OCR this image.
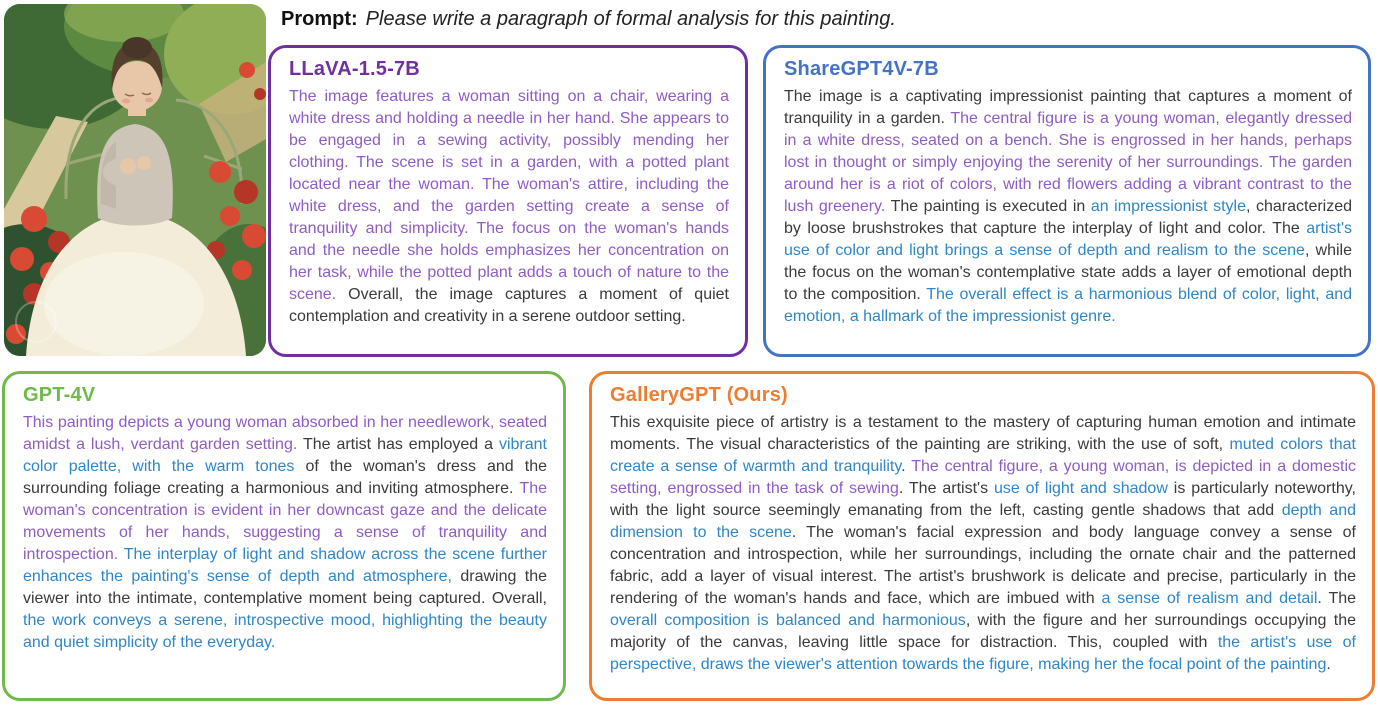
Prompt: Please write a paragraph of formal analysis for this painting.
LLaVA-1.5-7B

The image features a woman sitting on a chair, wearing a white dress and holding a needle in her hand. She appears to be engaged in a sewing activity, possibly mending her clothing. The scene is set in a garden, with a potted plant located near the woman. The woman's attire, including the white dress, and the garden setting create a sense of tranquility and simplicity. The focus on the woman's hands and the needle she holds emphasizes her concentration on her task, while the potted plant adds a touch of nature to the scene. Overall, the image captures a moment of quiet contemplation and creativity in a serene outdoor setting.

ShareGPT4V-7B

The image is a captivating impressionist painting that captures a moment of tranquility in a garden. The central figure is a young woman, elegantly dressed in a white dress, seated on a bench. She is engrossed in her hands, perhaps lost in thought or simply enjoying the serenity of her surroundings. The garden around her is a riot of colors, with red flowers adding a vibrant contrast to the lush greenery. The painting is executed in an impressionist style, characterized by loose brushstrokes that capture the interplay of light and color. The artist's use of color and light brings a sense of depth and realism to the scene, while the focus on the woman's contemplative state adds a layer of emotional depth to the composition. The overall effect is a harmonious blend of color, light, and emotion, a hallmark of the impressionist genre.

GPT-4V

This painting depicts a young woman absorbed in her needlework, seated amidst a lush, verdant garden setting. The artist has employed a vibrant color palette, with the warm tones of the woman's dress and the surrounding foliage creating a harmonious and inviting atmosphere. The woman's concentration is evident in her downcast gaze and the delicate movements of her hands, suggesting a sense of tranquility and introspection. The interplay of light and shadow across the scene further enhances the painting's sense of depth and atmosphere, drawing the viewer into the intimate, contemplative moment being captured. Overall, the work conveys a serene, introspective mood, highlighting the beauty and quiet simplicity of the everyday.

GalleryGPT (Ours)

This exquisite piece of artistry is a testament to the mastery of capturing human emotion and intimate moments. The visual characteristics of the painting are striking, with the use of soft, muted colors that create a sense of warmth and tranquility. The central figure, a young woman, is depicted in a domestic setting, engrossed in the task of sewing. The artist's use of light and shadow is particularly noteworthy, with the light source seemingly emanating from the left, casting gentle shadows that add depth and dimension to the scene. The woman's facial expression and body language convey a sense of concentration and introspection, while her surroundings, including the ornate chair and the patterned fabric, add a layer of visual interest. The artist's brushwork is delicate and precise, particularly in the rendering of the woman's hands and face, which are imbued with a sense of realism and detail. The overall composition is balanced and harmonious, with the figure and her surroundings occupying the majority of the canvas, leaving little space for distraction. This, coupled with the artist's use of perspective, draws the viewer's attention towards the figure, making her the focal point of the painting.
